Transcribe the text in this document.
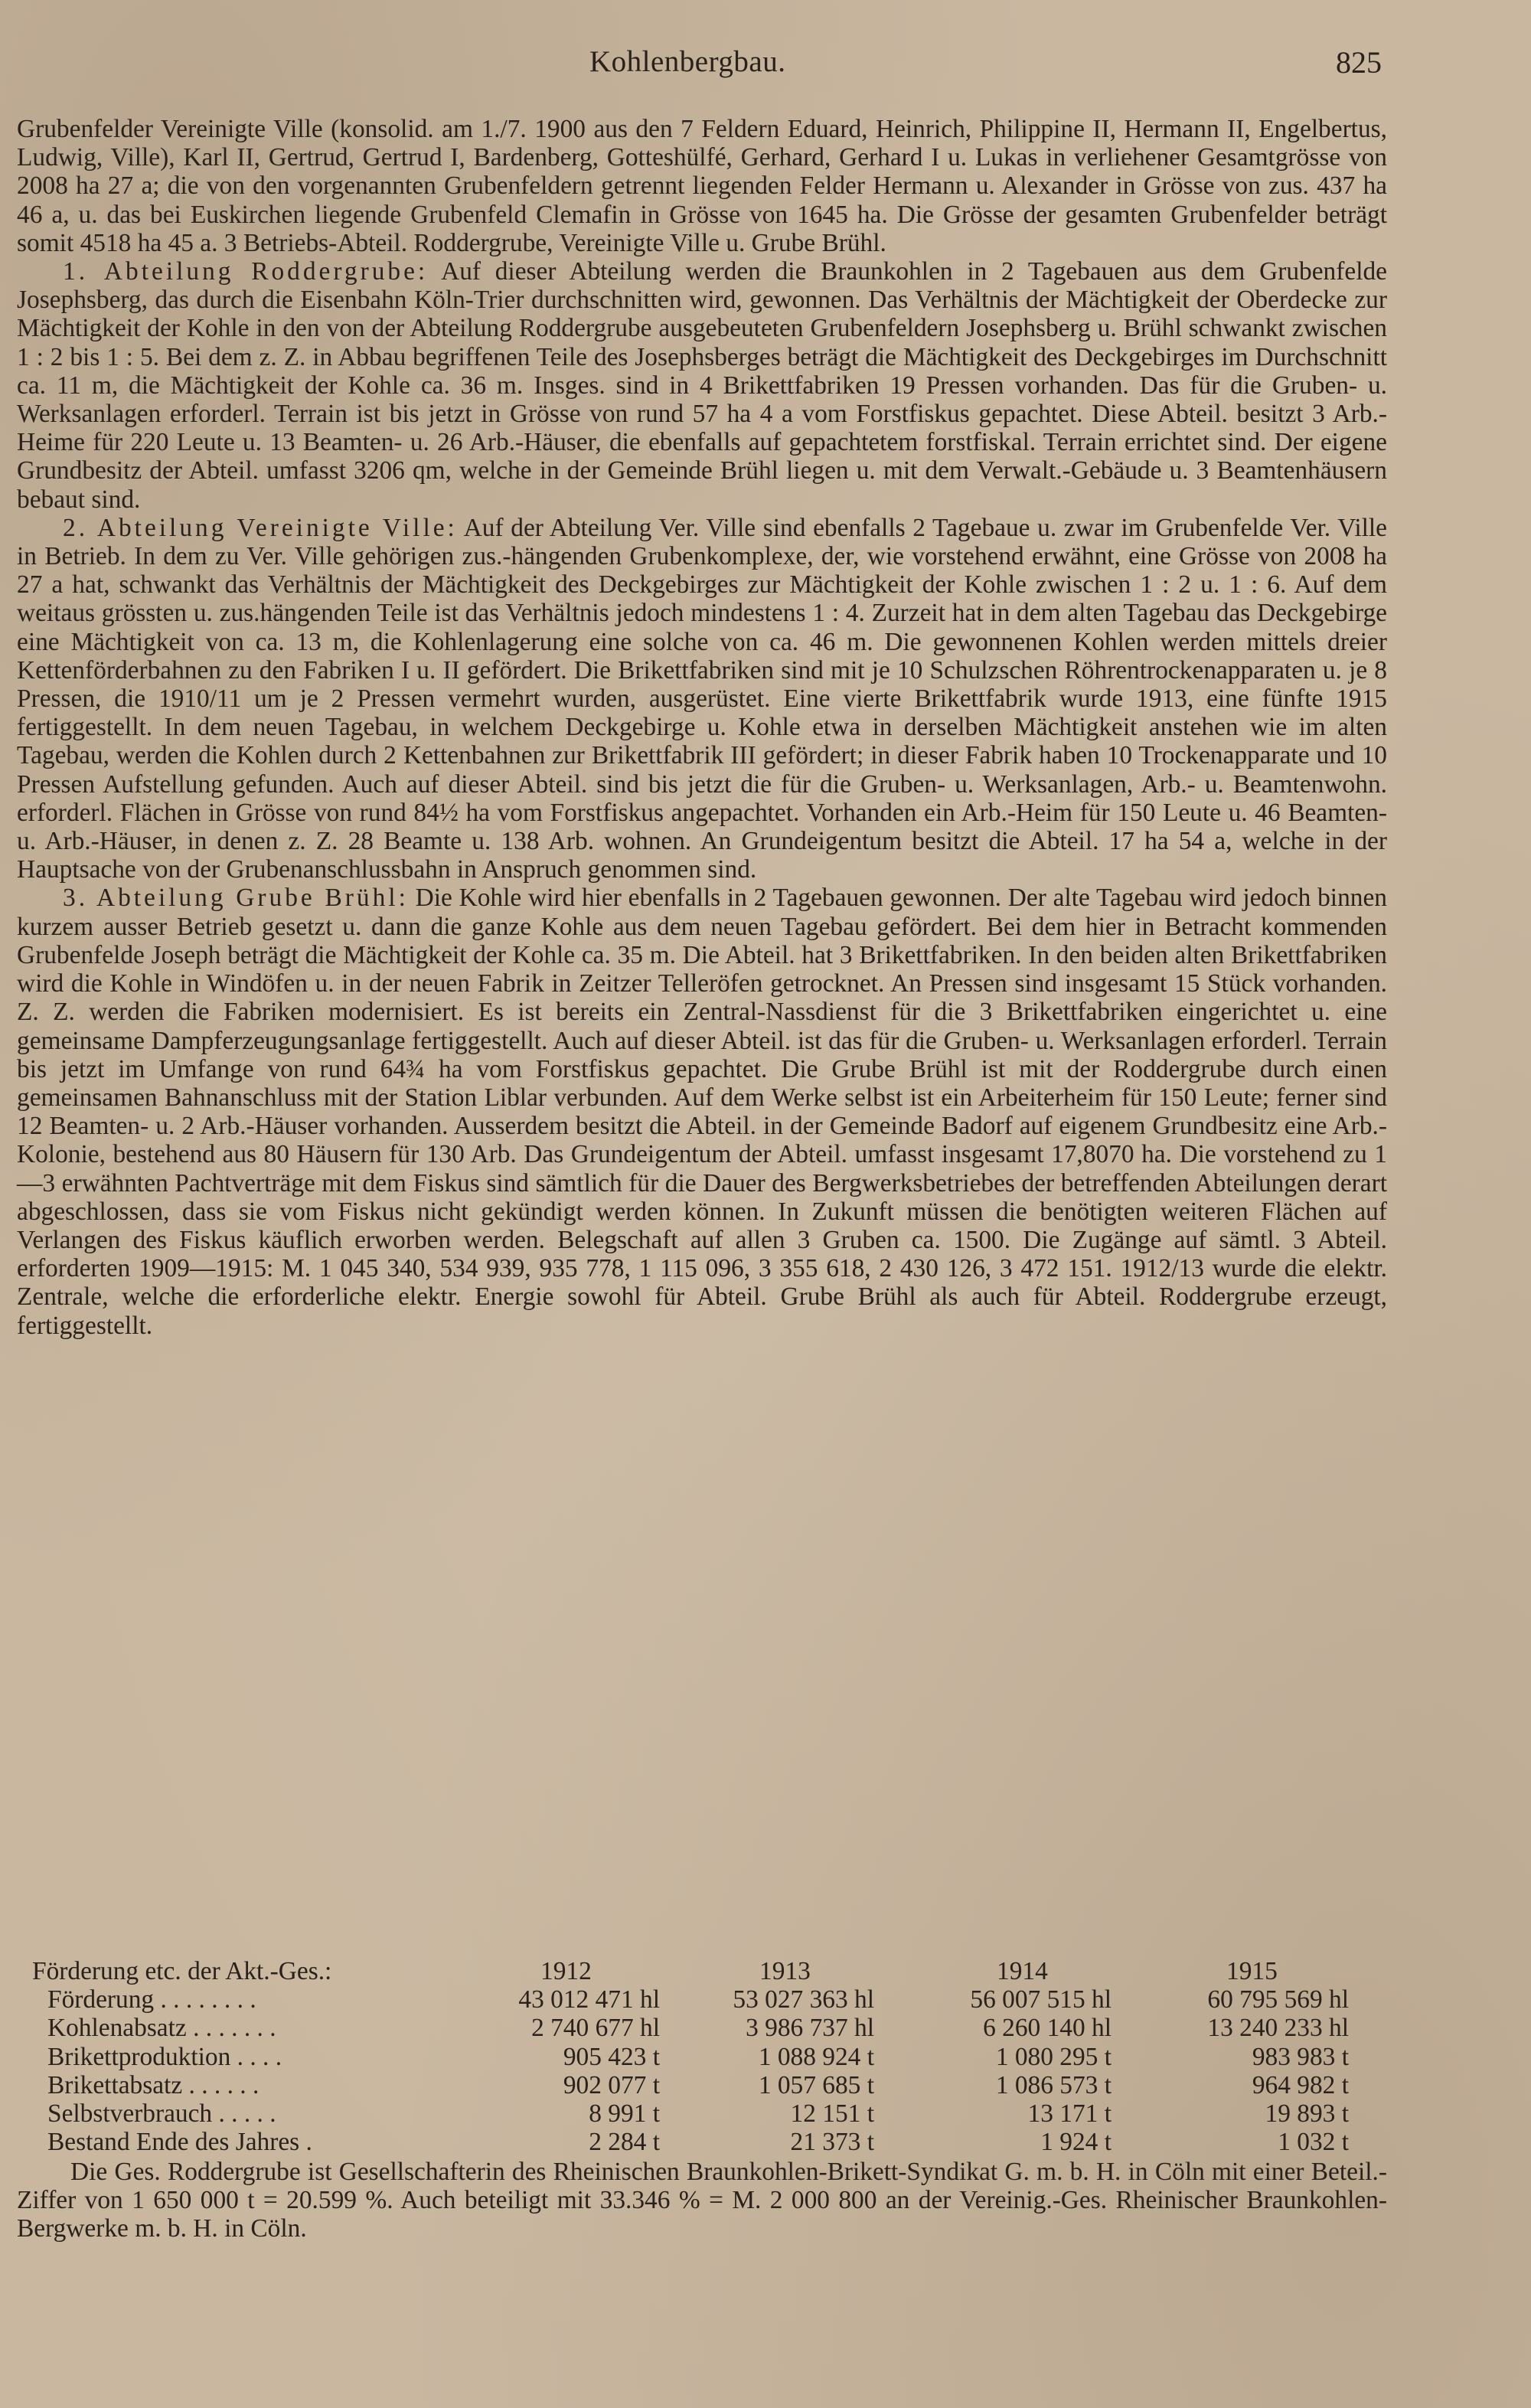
Kohlenbergbau.	825

Grubenfelder Vereinigte Ville (konsolid. am 1./7. 1900 aus den 7 Feldern Eduard, Heinrich, Philippine II, Hermann II, Engelbertus, Ludwig, Ville), Karl II, Gertrud, Gertrud I, Bardenberg, Gotteshülfé, Gerhard, Gerhard I u. Lukas in verliehener Gesamtgrösse von 2008 ha 27 a; die von den vorgenannten Grubenfeldern getrennt liegenden Felder Hermann u. Alexander in Grösse von zus. 437 ha 46 a, u. das bei Euskirchen liegende Grubenfeld Clemafin in Grösse von 1645 ha. Die Grösse der gesamten Grubenfelder beträgt somit 4518 ha 45 a. 3 Betriebs-Abteil. Roddergrube, Vereinigte Ville u. Grube Brühl.

1. Abteilung Roddergrube: Auf dieser Abteilung werden die Braunkohlen in 2 Tagebauen aus dem Grubenfelde Josephsberg, das durch die Eisenbahn Köln-Trier durchschnitten wird, gewonnen. Das Verhältnis der Mächtigkeit der Oberdecke zur Mächtigkeit der Kohle in den von der Abteilung Roddergrube ausgebeuteten Grubenfeldern Josephsberg u. Brühl schwankt zwischen 1 : 2 bis 1 : 5. Bei dem z. Z. in Abbau begriffenen Teile des Josephsberges beträgt die Mächtigkeit des Deckgebirges im Durchschnitt ca. 11 m, die Mächtigkeit der Kohle ca. 36 m. Insges. sind in 4 Brikettfabriken 19 Pressen vorhanden. Das für die Gruben- u. Werksanlagen erforderl. Terrain ist bis jetzt in Grösse von rund 57 ha 4 a vom Forstfiskus gepachtet. Diese Abteil. besitzt 3 Arb.-Heime für 220 Leute u. 13 Beamten- u. 26 Arb.-Häuser, die ebenfalls auf gepachtetem forstfiskal. Terrain errichtet sind. Der eigene Grundbesitz der Abteil. umfasst 3206 qm, welche in der Gemeinde Brühl liegen u. mit dem Verwalt.-Gebäude u. 3 Beamtenhäusern bebaut sind.

2. Abteilung Vereinigte Ville: Auf der Abteilung Ver. Ville sind ebenfalls 2 Tagebaue u. zwar im Grubenfelde Ver. Ville in Betrieb. In dem zu Ver. Ville gehörigen zus.-hängenden Grubenkomplexe, der, wie vorstehend erwähnt, eine Grösse von 2008 ha 27 a hat, schwankt das Verhältnis der Mächtigkeit des Deckgebirges zur Mächtigkeit der Kohle zwischen 1 : 2 u. 1 : 6. Auf dem weitaus grössten u. zus.hängenden Teile ist das Verhältnis jedoch mindestens 1 : 4. Zurzeit hat in dem alten Tagebau das Deckgebirge eine Mächtigkeit von ca. 13 m, die Kohlenlagerung eine solche von ca. 46 m. Die gewonnenen Kohlen werden mittels dreier Kettenförderbahnen zu den Fabriken I u. II gefördert. Die Brikettfabriken sind mit je 10 Schulzschen Röhrentrockenapparaten u. je 8 Pressen, die 1910/11 um je 2 Pressen vermehrt wurden, ausgerüstet. Eine vierte Brikettfabrik wurde 1913, eine fünfte 1915 fertiggestellt. In dem neuen Tagebau, in welchem Deckgebirge u. Kohle etwa in derselben Mächtigkeit anstehen wie im alten Tagebau, werden die Kohlen durch 2 Kettenbahnen zur Brikettfabrik III gefördert; in dieser Fabrik haben 10 Trockenapparate und 10 Pressen Aufstellung gefunden. Auch auf dieser Abteil. sind bis jetzt die für die Gruben- u. Werksanlagen, Arb.- u. Beamtenwohn. erforderl. Flächen in Grösse von rund 84½ ha vom Forstfiskus angepachtet. Vorhanden ein Arb.-Heim für 150 Leute u. 46 Beamten- u. Arb.-Häuser, in denen z. Z. 28 Beamte u. 138 Arb. wohnen. An Grundeigentum besitzt die Abteil. 17 ha 54 a, welche in der Hauptsache von der Grubenanschlussbahn in Anspruch genommen sind.

3. Abteilung Grube Brühl: Die Kohle wird hier ebenfalls in 2 Tagebauen gewonnen. Der alte Tagebau wird jedoch binnen kurzem ausser Betrieb gesetzt u. dann die ganze Kohle aus dem neuen Tagebau gefördert. Bei dem hier in Betracht kommenden Grubenfelde Joseph beträgt die Mächtigkeit der Kohle ca. 35 m. Die Abteil. hat 3 Brikettfabriken. In den beiden alten Brikettfabriken wird die Kohle in Windöfen u. in der neuen Fabrik in Zeitzer Telleröfen getrocknet. An Pressen sind insgesamt 15 Stück vorhanden. Z. Z. werden die Fabriken modernisiert. Es ist bereits ein Zentral-Nassdienst für die 3 Brikettfabriken eingerichtet u. eine gemeinsame Dampferzeugungsanlage fertiggestellt. Auch auf dieser Abteil. ist das für die Gruben- u. Werksanlagen erforderl. Terrain bis jetzt im Umfange von rund 64¾ ha vom Forstfiskus gepachtet. Die Grube Brühl ist mit der Roddergrube durch einen gemeinsamen Bahnanschluss mit der Station Liblar verbunden. Auf dem Werke selbst ist ein Arbeiterheim für 150 Leute; ferner sind 12 Beamten- u. 2 Arb.-Häuser vorhanden. Ausserdem besitzt die Abteil. in der Gemeinde Badorf auf eigenem Grundbesitz eine Arb.-Kolonie, bestehend aus 80 Häusern für 130 Arb. Das Grundeigentum der Abteil. umfasst insgesamt 17,8070 ha. Die vorstehend zu 1—3 erwähnten Pachtverträge mit dem Fiskus sind sämtlich für die Dauer des Bergwerksbetriebes der betreffenden Abteilungen derart abgeschlossen, dass sie vom Fiskus nicht gekündigt werden können. In Zukunft müssen die benötigten weiteren Flächen auf Verlangen des Fiskus käuflich erworben werden. Belegschaft auf allen 3 Gruben ca. 1500. Die Zugänge auf sämtl. 3 Abteil. erforderten 1909—1915: M. 1 045 340, 534 939, 935 778, 1 115 096, 3 355 618, 2 430 126, 3 472 151. 1912/13 wurde die elektr. Zentrale, welche die erforderliche elektr. Energie sowohl für Abteil. Grube Brühl als auch für Abteil. Roddergrube erzeugt, fertiggestellt.

Förderung etc. der Akt.-Ges.:	1912	1913	1914	1915
Förderung . . . . . . . .	43 012 471 hl	53 027 363 hl	56 007 515 hl	60 795 569 hl
Kohlenabsatz . . . . . . .	2 740 677 hl	3 986 737 hl	6 260 140 hl	13 240 233 hl
Brikettproduktion . . . .	905 423 t	1 088 924 t	1 080 295 t	983 983 t
Brikettabsatz . . . . . .	902 077 t	1 057 685 t	1 086 573 t	964 982 t
Selbstverbrauch . . . . .	8 991 t	12 151 t	13 171 t	19 893 t
Bestand Ende des Jahres .	2 284 t	21 373 t	1 924 t	1 032 t

Die Ges. Roddergrube ist Gesellschafterin des Rheinischen Braunkohlen-Brikett-Syndikat G. m. b. H. in Cöln mit einer Beteil.-Ziffer von 1 650 000 t = 20.599 %. Auch beteiligt mit 33.346 % = M. 2 000 800 an der Vereinig.-Ges. Rheinischer Braunkohlen-Bergwerke m. b. H. in Cöln.
